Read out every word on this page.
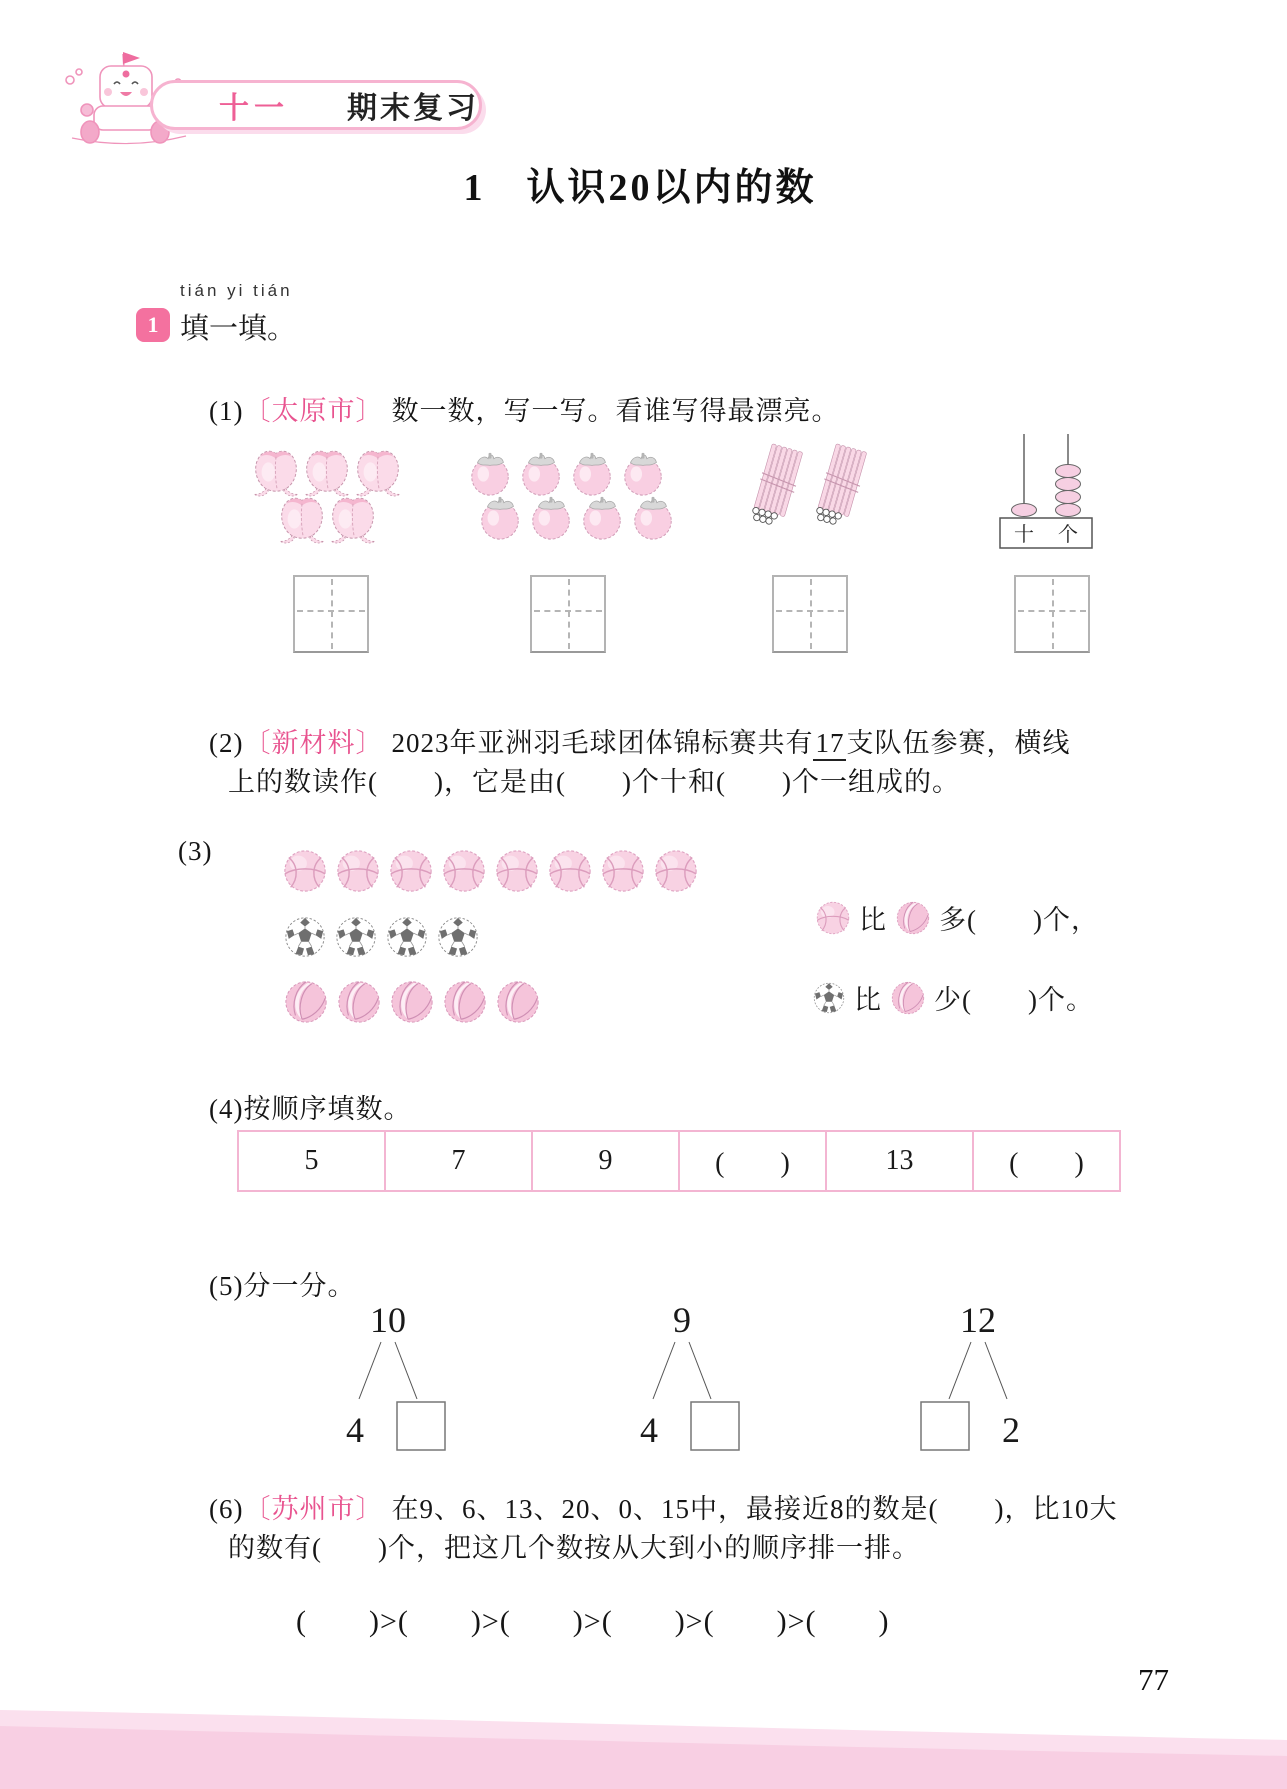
十一 期末复习
1　认识20以内的数
1
tián yi tián
填一填。

(1)〔太原市〕 数一数，写一写。看谁写得最漂亮。

十 个

(2)〔新材料〕 2023年亚洲羽毛球团体锦标赛共有17支队伍参赛，横线

上的数读作(　　)，它是由(　　)个十和(　　)个一组成的。
(3)
比 多(　　)个，
比 少(　　)个。

(4)按顺序填数。

5	7	9	(　　)	13	(　　)

(5)分一分。

10
4
9
4
12
2

(6)〔苏州市〕 在9、6、13、20、0、15中，最接近8的数是(　　)，比10大

的数有(　　)个，把这几个数按从大到小的顺序排一排。
(　　)>(　　)>(　　)>(　　)>(　　)>(　　)
77
